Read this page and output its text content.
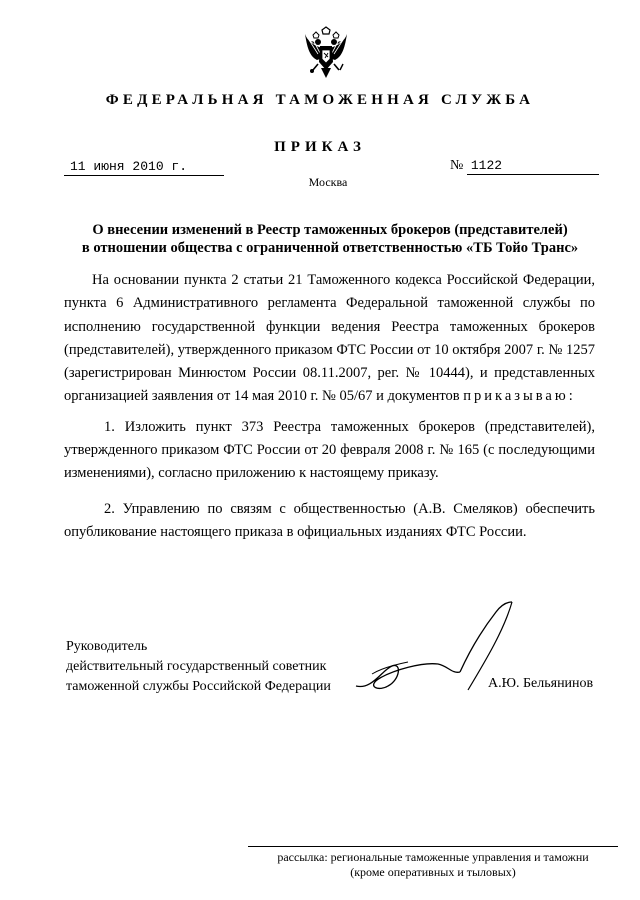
ФЕДЕРАЛЬНАЯ ТАМОЖЕННАЯ СЛУЖБА
ПРИКАЗ
11 июня 2010 г.	№ 1122
Москва
О внесении изменений в Реестр таможенных брокеров (представителей)
в отношении общества с ограниченной ответственностью «ТБ Тойо Транс»

На основании пункта 2 статьи 21 Таможенного кодекса Российской Федерации, пункта 6 Административного регламента Федеральной таможенной службы по исполнению государственной функции ведения Реестра таможенных брокеров (представителей), утвержденного приказом ФТС России от 10 октября 2007 г. № 1257 (зарегистрирован Минюстом России 08.11.2007, рег. № 10444), и представленных организацией заявления от 14 мая 2010 г. № 05/67 и документов приказываю:

1. Изложить пункт 373 Реестра таможенных брокеров (представителей), утвержденного приказом ФТС России от 20 февраля 2008 г. № 165 (с последующими изменениями), согласно приложению к настоящему приказу.

2. Управлению по связям с общественностью (А.В. Смеляков) обеспечить опубликование настоящего приказа в официальных изданиях ФТС России.

Руководитель
действительный государственный советник
таможенной службы Российской Федерации	А.Ю. Бельянинов
рассылка: региональные таможенные управления и таможни
(кроме оперативных и тыловых)
